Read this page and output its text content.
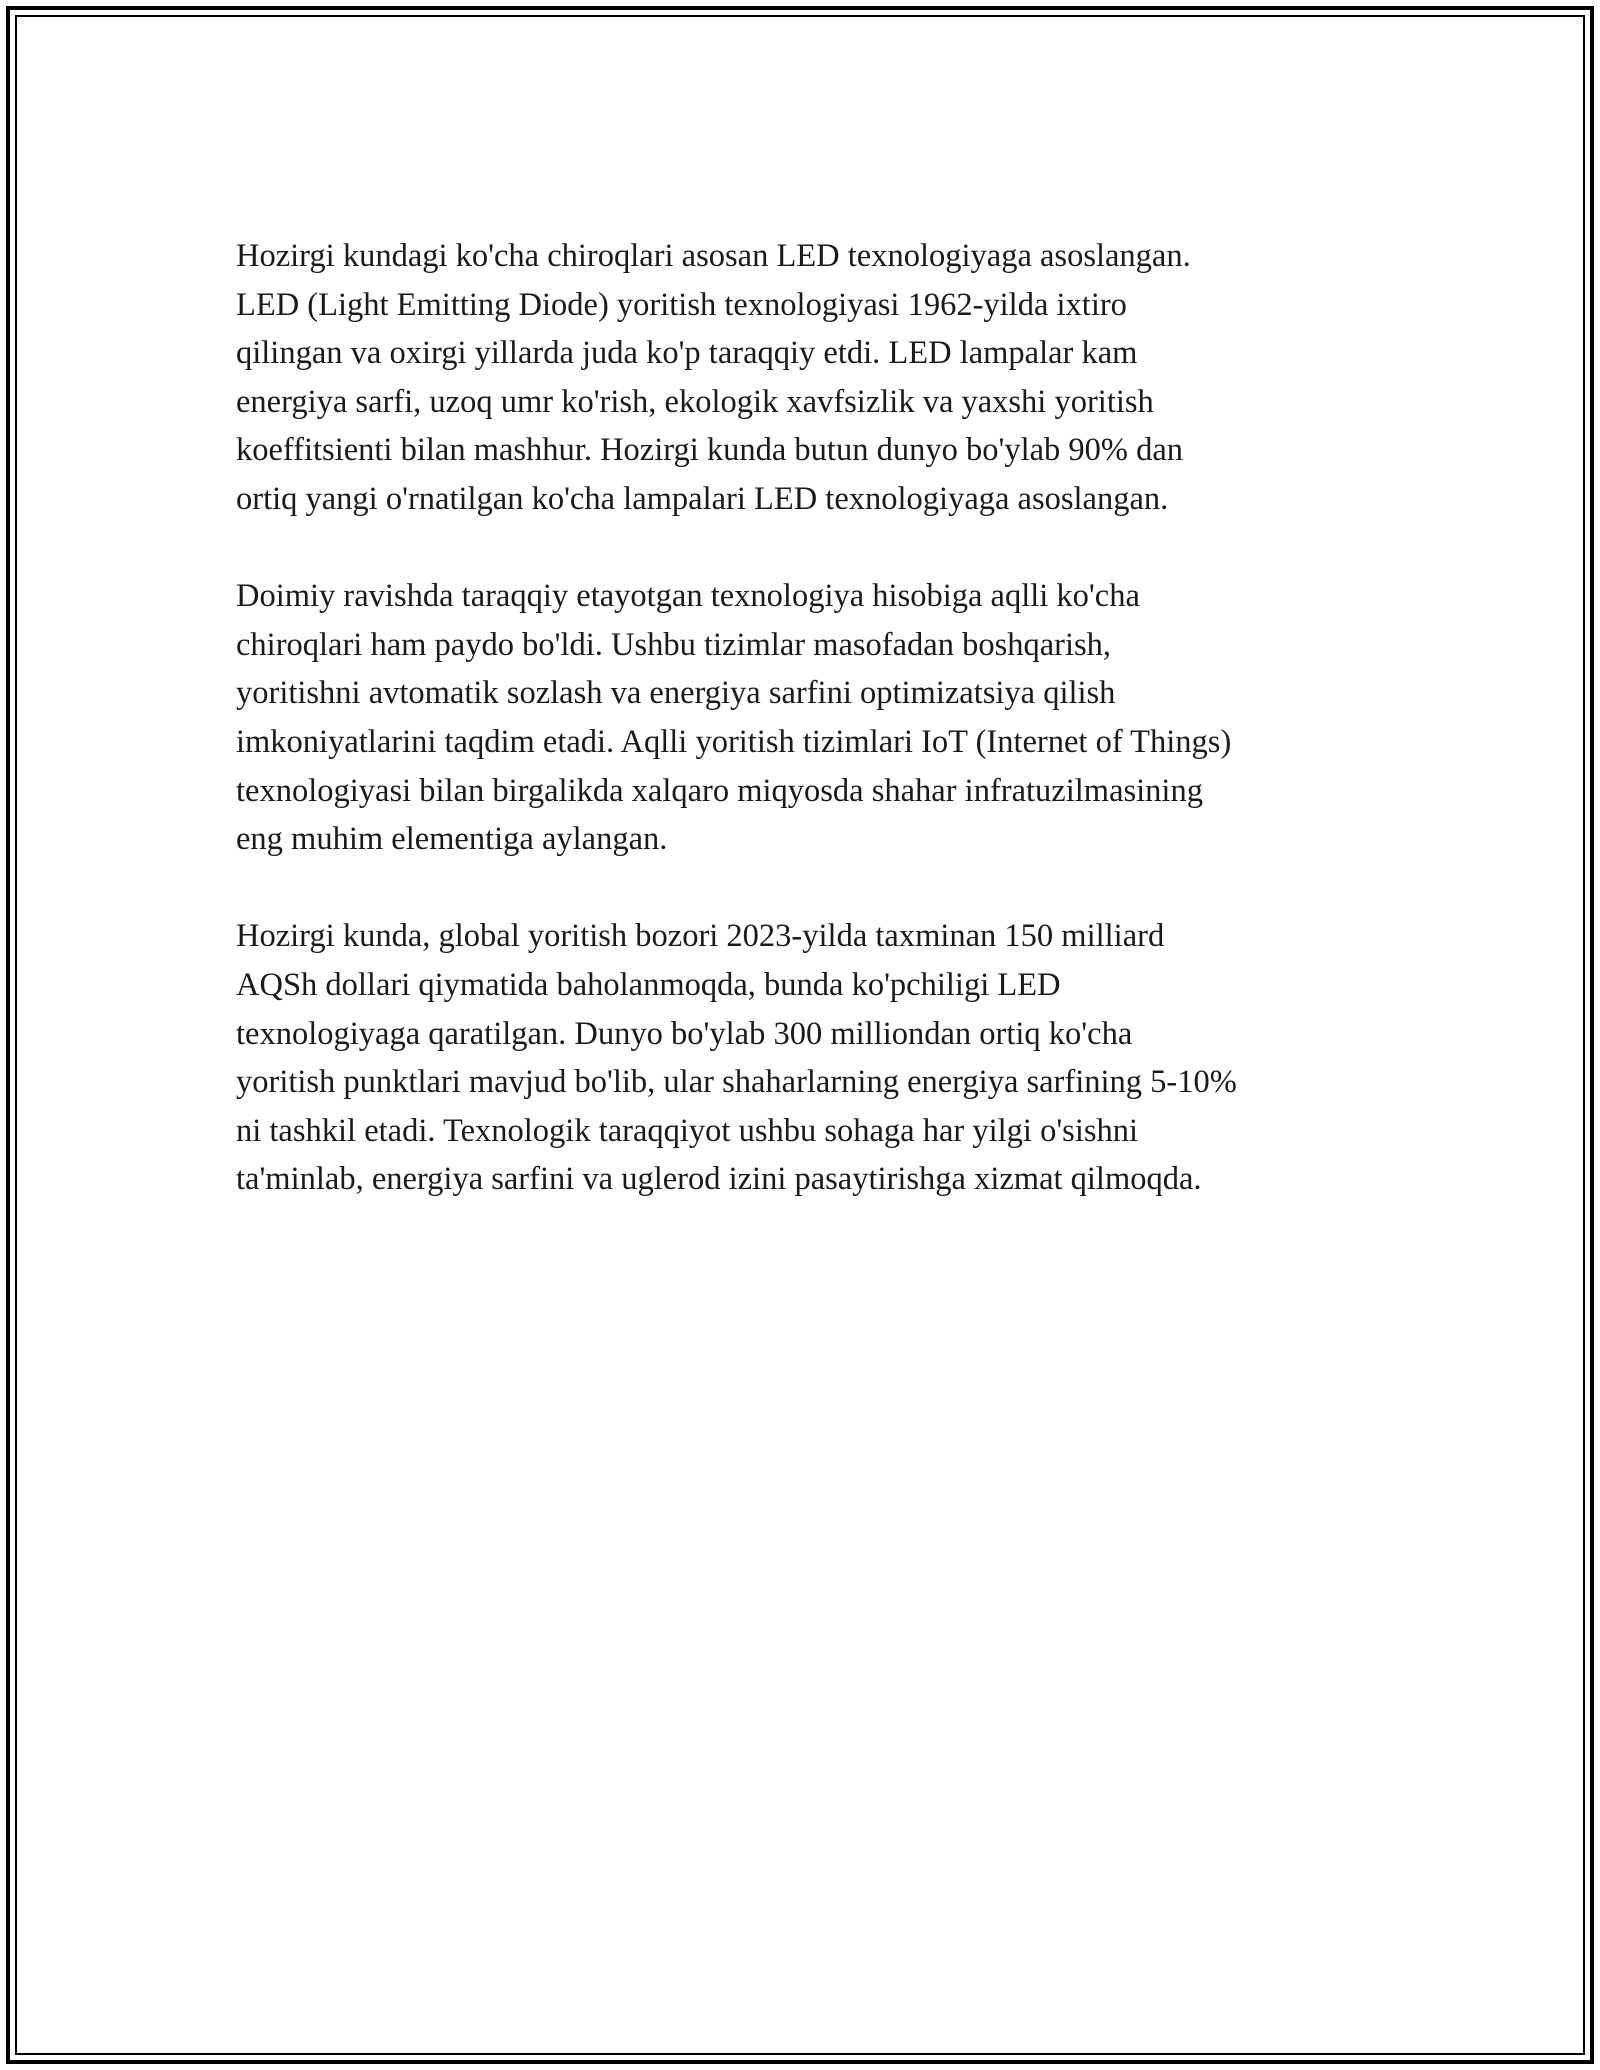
Hozirgi kundagi ko'cha chiroqlari asosan LED texnologiyaga asoslangan.
LED (Light Emitting Diode) yoritish texnologiyasi 1962-yilda ixtiro
qilingan va oxirgi yillarda juda ko'p taraqqiy etdi. LED lampalar kam
energiya sarfi, uzoq umr ko'rish, ekologik xavfsizlik va yaxshi yoritish
koeffitsienti bilan mashhur. Hozirgi kunda butun dunyo bo'ylab 90% dan
ortiq yangi o'rnatilgan ko'cha lampalari LED texnologiyaga asoslangan.

Doimiy ravishda taraqqiy etayotgan texnologiya hisobiga aqlli ko'cha
chiroqlari ham paydo bo'ldi. Ushbu tizimlar masofadan boshqarish,
yoritishni avtomatik sozlash va energiya sarfini optimizatsiya qilish
imkoniyatlarini taqdim etadi. Aqlli yoritish tizimlari IoT (Internet of Things)
texnologiyasi bilan birgalikda xalqaro miqyosda shahar infratuzilmasining
eng muhim elementiga aylangan.

Hozirgi kunda, global yoritish bozori 2023-yilda taxminan 150 milliard
AQSh dollari qiymatida baholanmoqda, bunda ko'pchiligi LED
texnologiyaga qaratilgan. Dunyo bo'ylab 300 milliondan ortiq ko'cha
yoritish punktlari mavjud bo'lib, ular shaharlarning energiya sarfining 5-10%
ni tashkil etadi. Texnologik taraqqiyot ushbu sohaga har yilgi o'sishni
ta'minlab, energiya sarfini va uglerod izini pasaytirishga xizmat qilmoqda.
